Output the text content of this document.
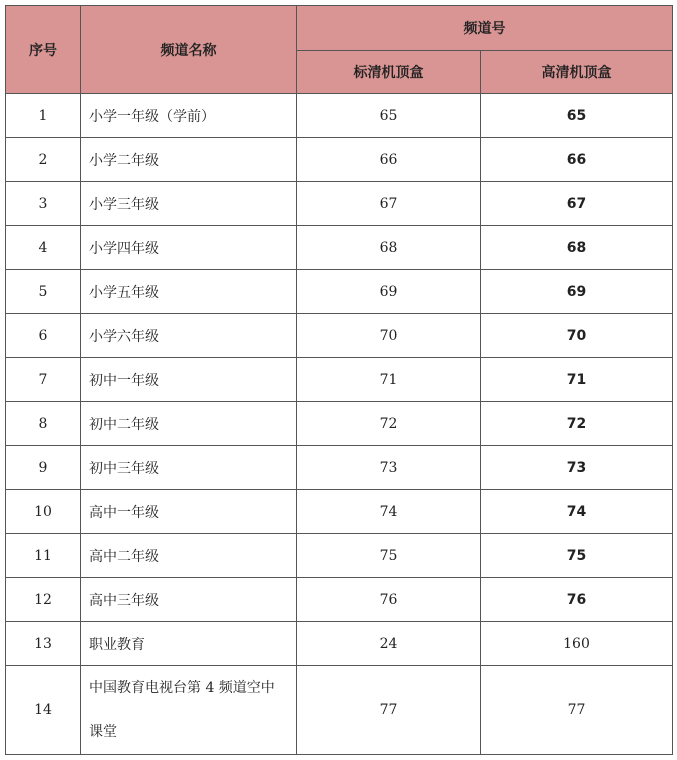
序号	频道名称	频道号	
		标清机顶盒	高清机顶盒
1	小学一年级（学前）	65	65
2	小学二年级	66	66
3	小学三年级	67	67
4	小学四年级	68	68
5	小学五年级	69	69
6	小学六年级	70	70
7	初中一年级	71	71
8	初中二年级	72	72
9	初中三年级	73	73
10	高中一年级	74	74
11	高中二年级	75	75
12	高中三年级	76	76
13	职业教育	24	160
14	中国教育电视台第 4 频道空中课堂	77	77
